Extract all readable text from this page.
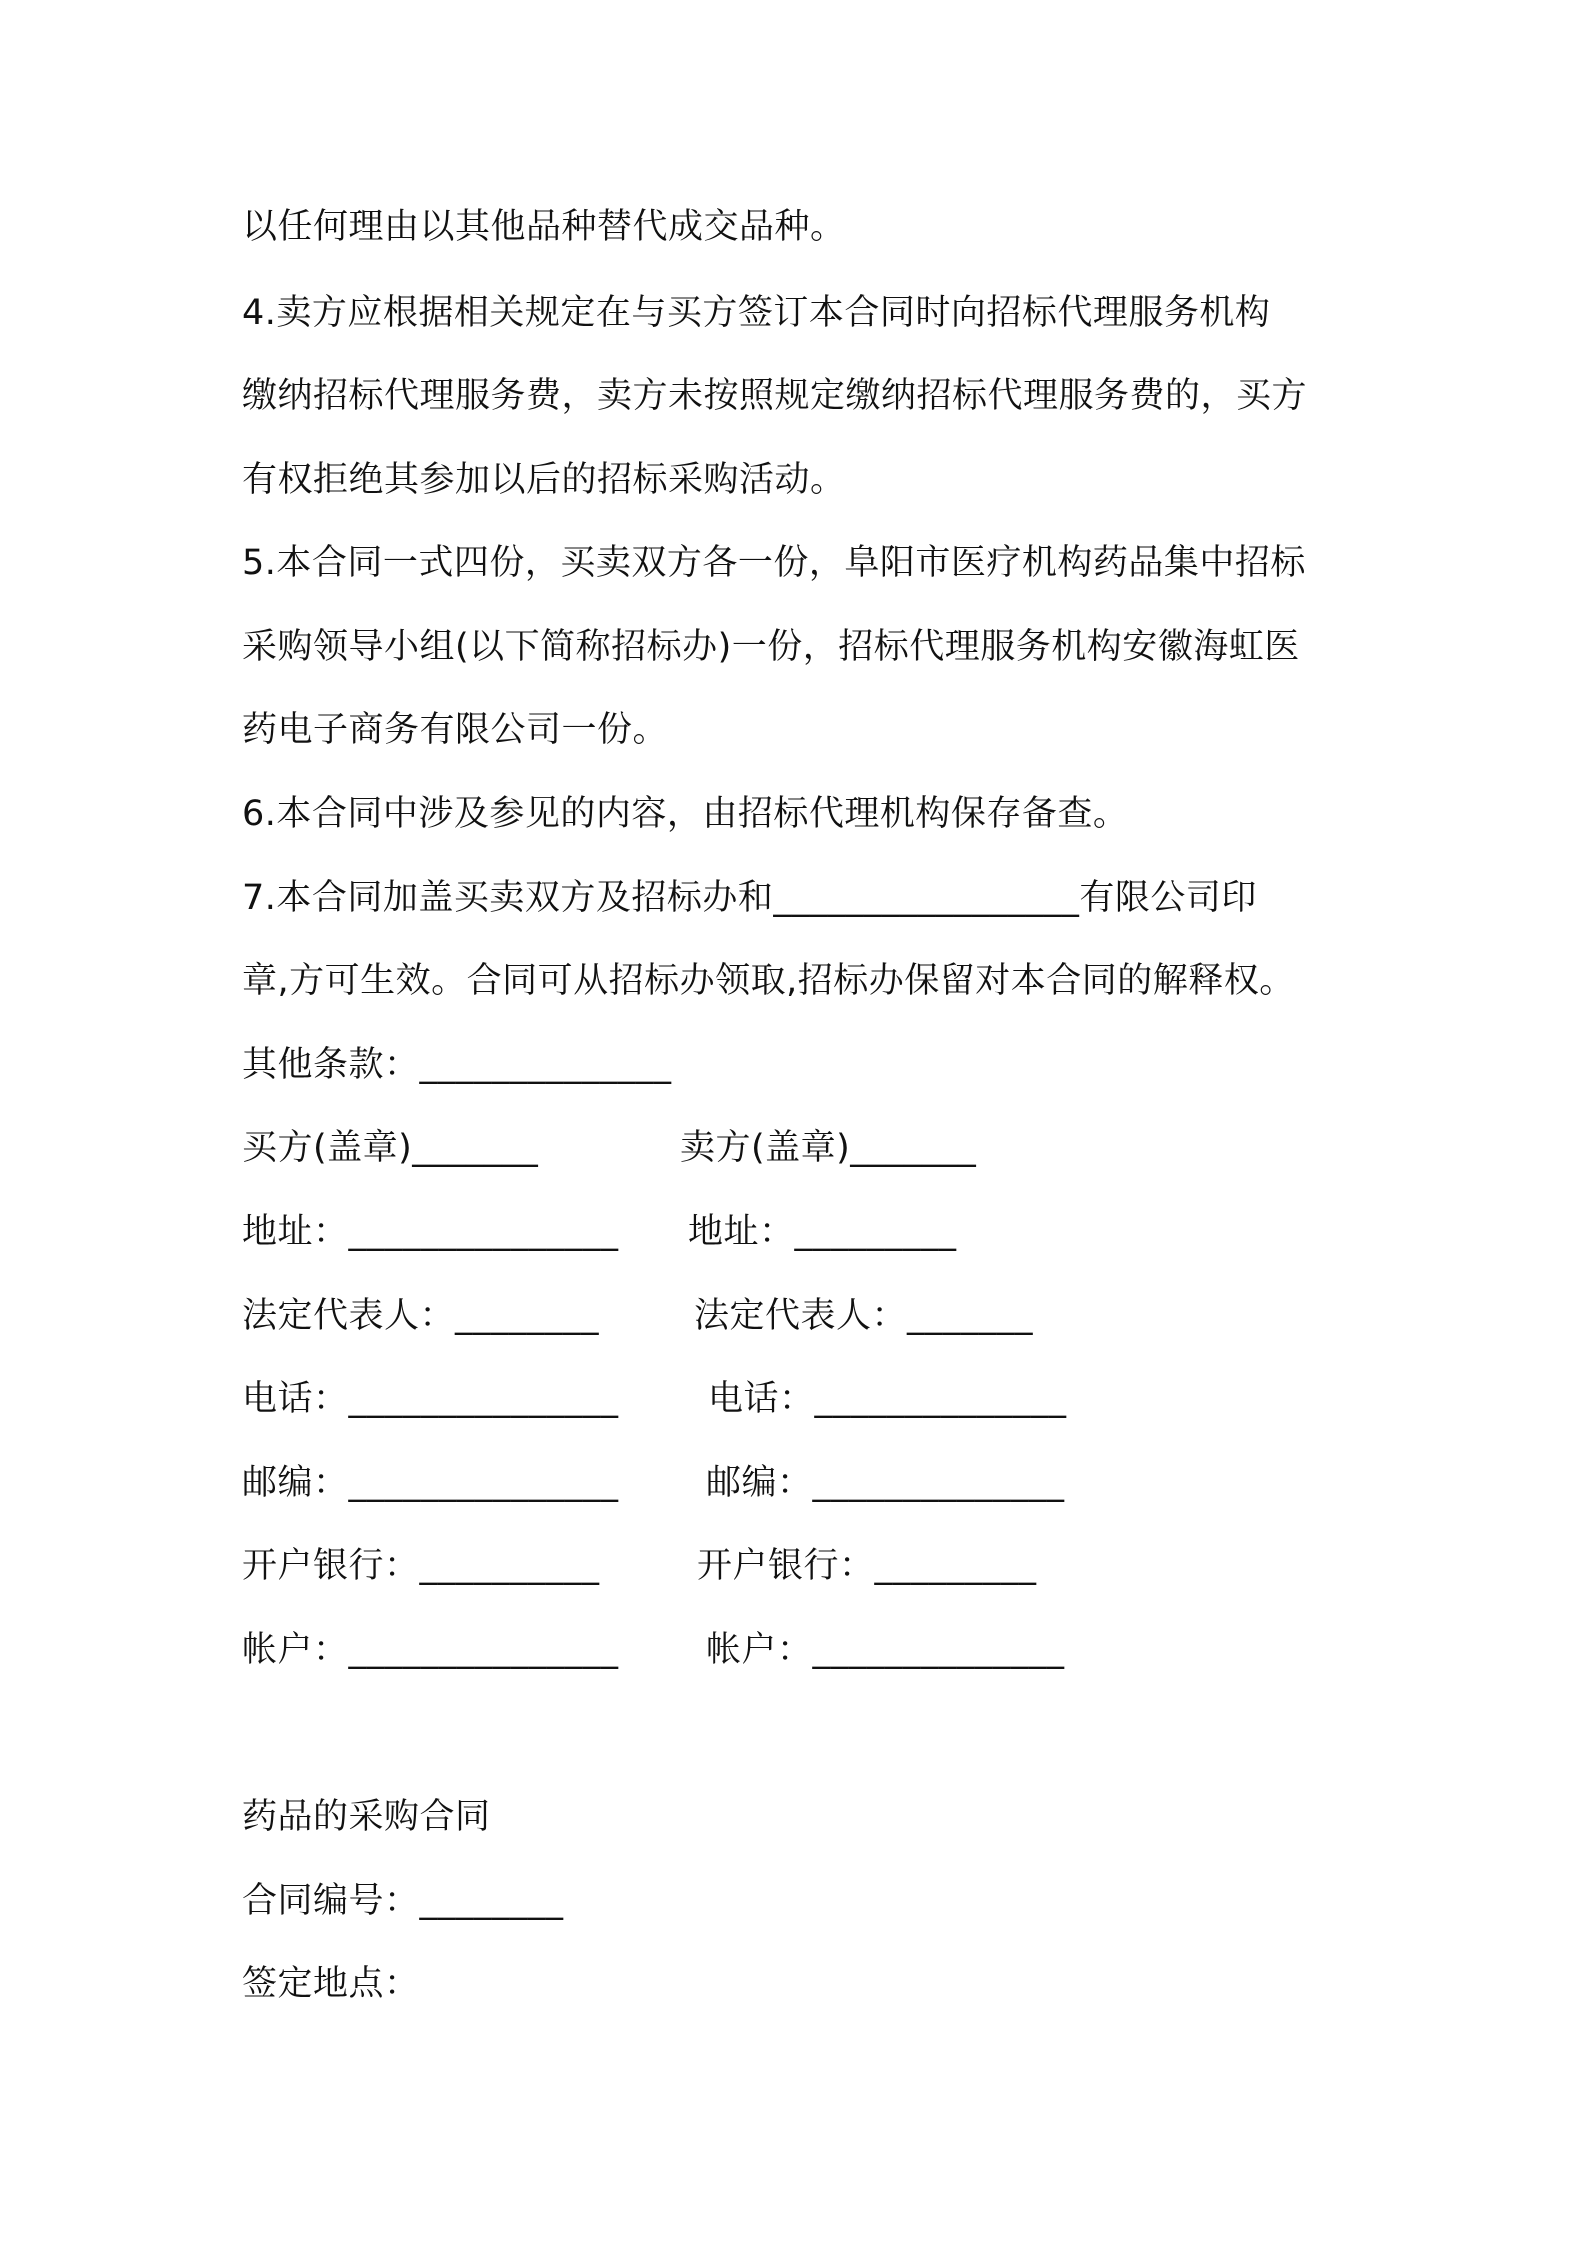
以任何理由以其他品种替代成交品种。
4.卖方应根据相关规定在与买方签订本合同时向招标代理服务机构
缴纳招标代理服务费，卖方未按照规定缴纳招标代理服务费的，买方
有权拒绝其参加以后的招标采购活动。
5.本合同一式四份，买卖双方各一份，阜阳市医疗机构药品集中招标
采购领导小组(以下简称招标办)一份，招标代理服务机构安徽海虹医
药电子商务有限公司一份。
6.本合同中涉及参见的内容，由招标代理机构保存备查。
7.本合同加盖买卖双方及招标办和_________________有限公司印
章,方可生效。合同可从招标办领取,招标办保留对本合同的解释权。
其他条款：______________
买方(盖章)_______	卖方(盖章)_______
地址：_______________ 地址：_________
法定代表人：________	法定代表人：_______
电话：_______________	电话：______________
邮编：_______________ 邮编：______________
开户银行：__________	开户银行：_________
帐户：_______________ 帐户：______________
药品的采购合同
合同编号：________
签定地点：
